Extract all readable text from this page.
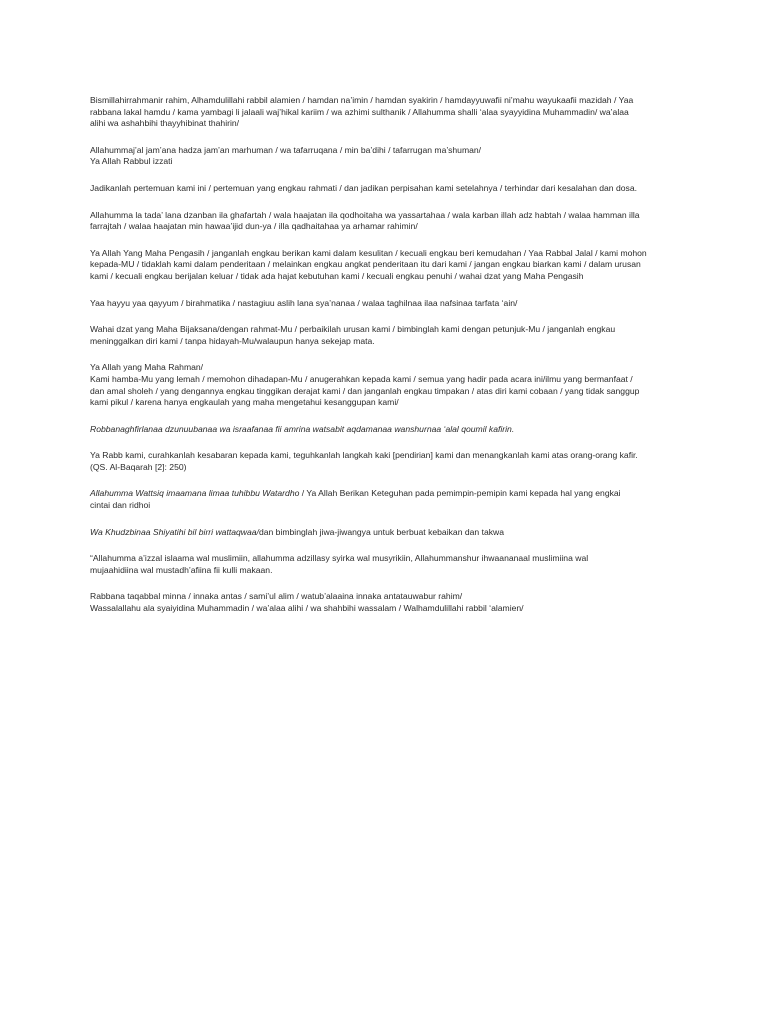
Bismillahirrahmanir rahim, Alhamdulillahi rabbil alamien / hamdan na’imin / hamdan syakirin / hamdayyuwafii ni’mahu wayukaafii mazidah / Yaa
rabbana lakal hamdu / kama yambagi li jalaali waj’hikal kariim / wa azhimi sulthanik / Allahumma shalli ‘alaa syayyidina Muhammadin/ wa’alaa
alihi wa ashahbihi thayyhibinat thahirin/

Allahummaj’al jam’ana hadza jam’an marhuman / wa tafarruqana / min ba’dihi / tafarrugan ma’shuman/
Ya Allah Rabbul izzati

Jadikanlah pertemuan kami ini / pertemuan yang engkau rahmati / dan jadikan perpisahan kami setelahnya / terhindar dari kesalahan dan dosa.

Allahumma la tada’ lana dzanban ila ghafartah / wala haajatan ila qodhoitaha wa yassartahaa / wala karban illah adz habtah / walaa hamman illa
farrajtah / walaa haajatan min hawaa’ijid dun-ya / illa qadhaitahaa ya arhamar rahimin/

Ya Allah Yang Maha Pengasih / janganlah engkau berikan kami dalam kesulitan / kecuali engkau beri kemudahan / Yaa Rabbal Jalal / kami mohon
kepada-MU / tidaklah kami dalam penderitaan / melainkan engkau angkat penderitaan itu dari kami / jangan engkau biarkan kami / dalam urusan
kami / kecuali engkau berijalan keluar / tidak ada hajat kebutuhan kami / kecuali engkau penuhi / wahai dzat yang Maha Pengasih

Yaa hayyu yaa qayyum / birahmatika / nastagiuu aslih lana sya’nanaa / walaa taghilnaa ilaa nafsinaa tarfata ‘ain/

Wahai dzat yang Maha Bijaksana/dengan rahmat-Mu / perbaikilah urusan kami / bimbinglah kami dengan petunjuk-Mu / janganlah engkau
meninggalkan diri kami / tanpa hidayah-Mu/walaupun hanya sekejap mata.

Ya Allah yang Maha Rahman/
Kami hamba-Mu yang lemah / memohon dihadapan-Mu / anugerahkan kepada kami / semua yang hadir pada acara ini/ilmu yang bermanfaat /
dan amal sholeh / yang dengannya engkau tinggikan derajat kami / dan janganlah engkau timpakan / atas diri kami cobaan / yang tidak sanggup
kami pikul / karena hanya engkaulah yang maha mengetahui kesanggupan kami/

Robbanaghfirlanaa dzunuubanaa wa israafanaa fii amrina watsabit aqdamanaa wanshurnaa ‘alal qoumil kafirin.

Ya Rabb kami, curahkanlah kesabaran kepada kami, teguhkanlah langkah kaki [pendirian] kami dan menangkanlah kami atas orang-orang kafir.
(QS. Al-Baqarah [2]: 250)

Allahumma Wattsiq imaamana limaa tuhibbu Watardho / Ya Allah Berikan Keteguhan pada pemimpin-pemipin kami kepada hal yang engkai
cintai dan ridhoi

Wa Khudzbinaa Shiyatihi bil birri wattaqwaa/dan bimbinglah jiwa-jiwangya untuk berbuat kebaikan dan takwa

“Allahumma a’izzal islaama wal muslimiin, allahumma adzillasy syirka wal musyrikiin, Allahummanshur ihwaananaal muslimiina wal
mujaahidiina wal mustadh’afiina fii kulli makaan.

Rabbana taqabbal minna / innaka antas / sami’ul alim / watub’alaaina innaka antatauwabur rahim/
Wassalallahu ala syaiyidina Muhammadin / wa’alaa alihi / wa shahbihi wassalam / Walhamdulillahi rabbil ‘alamien/
